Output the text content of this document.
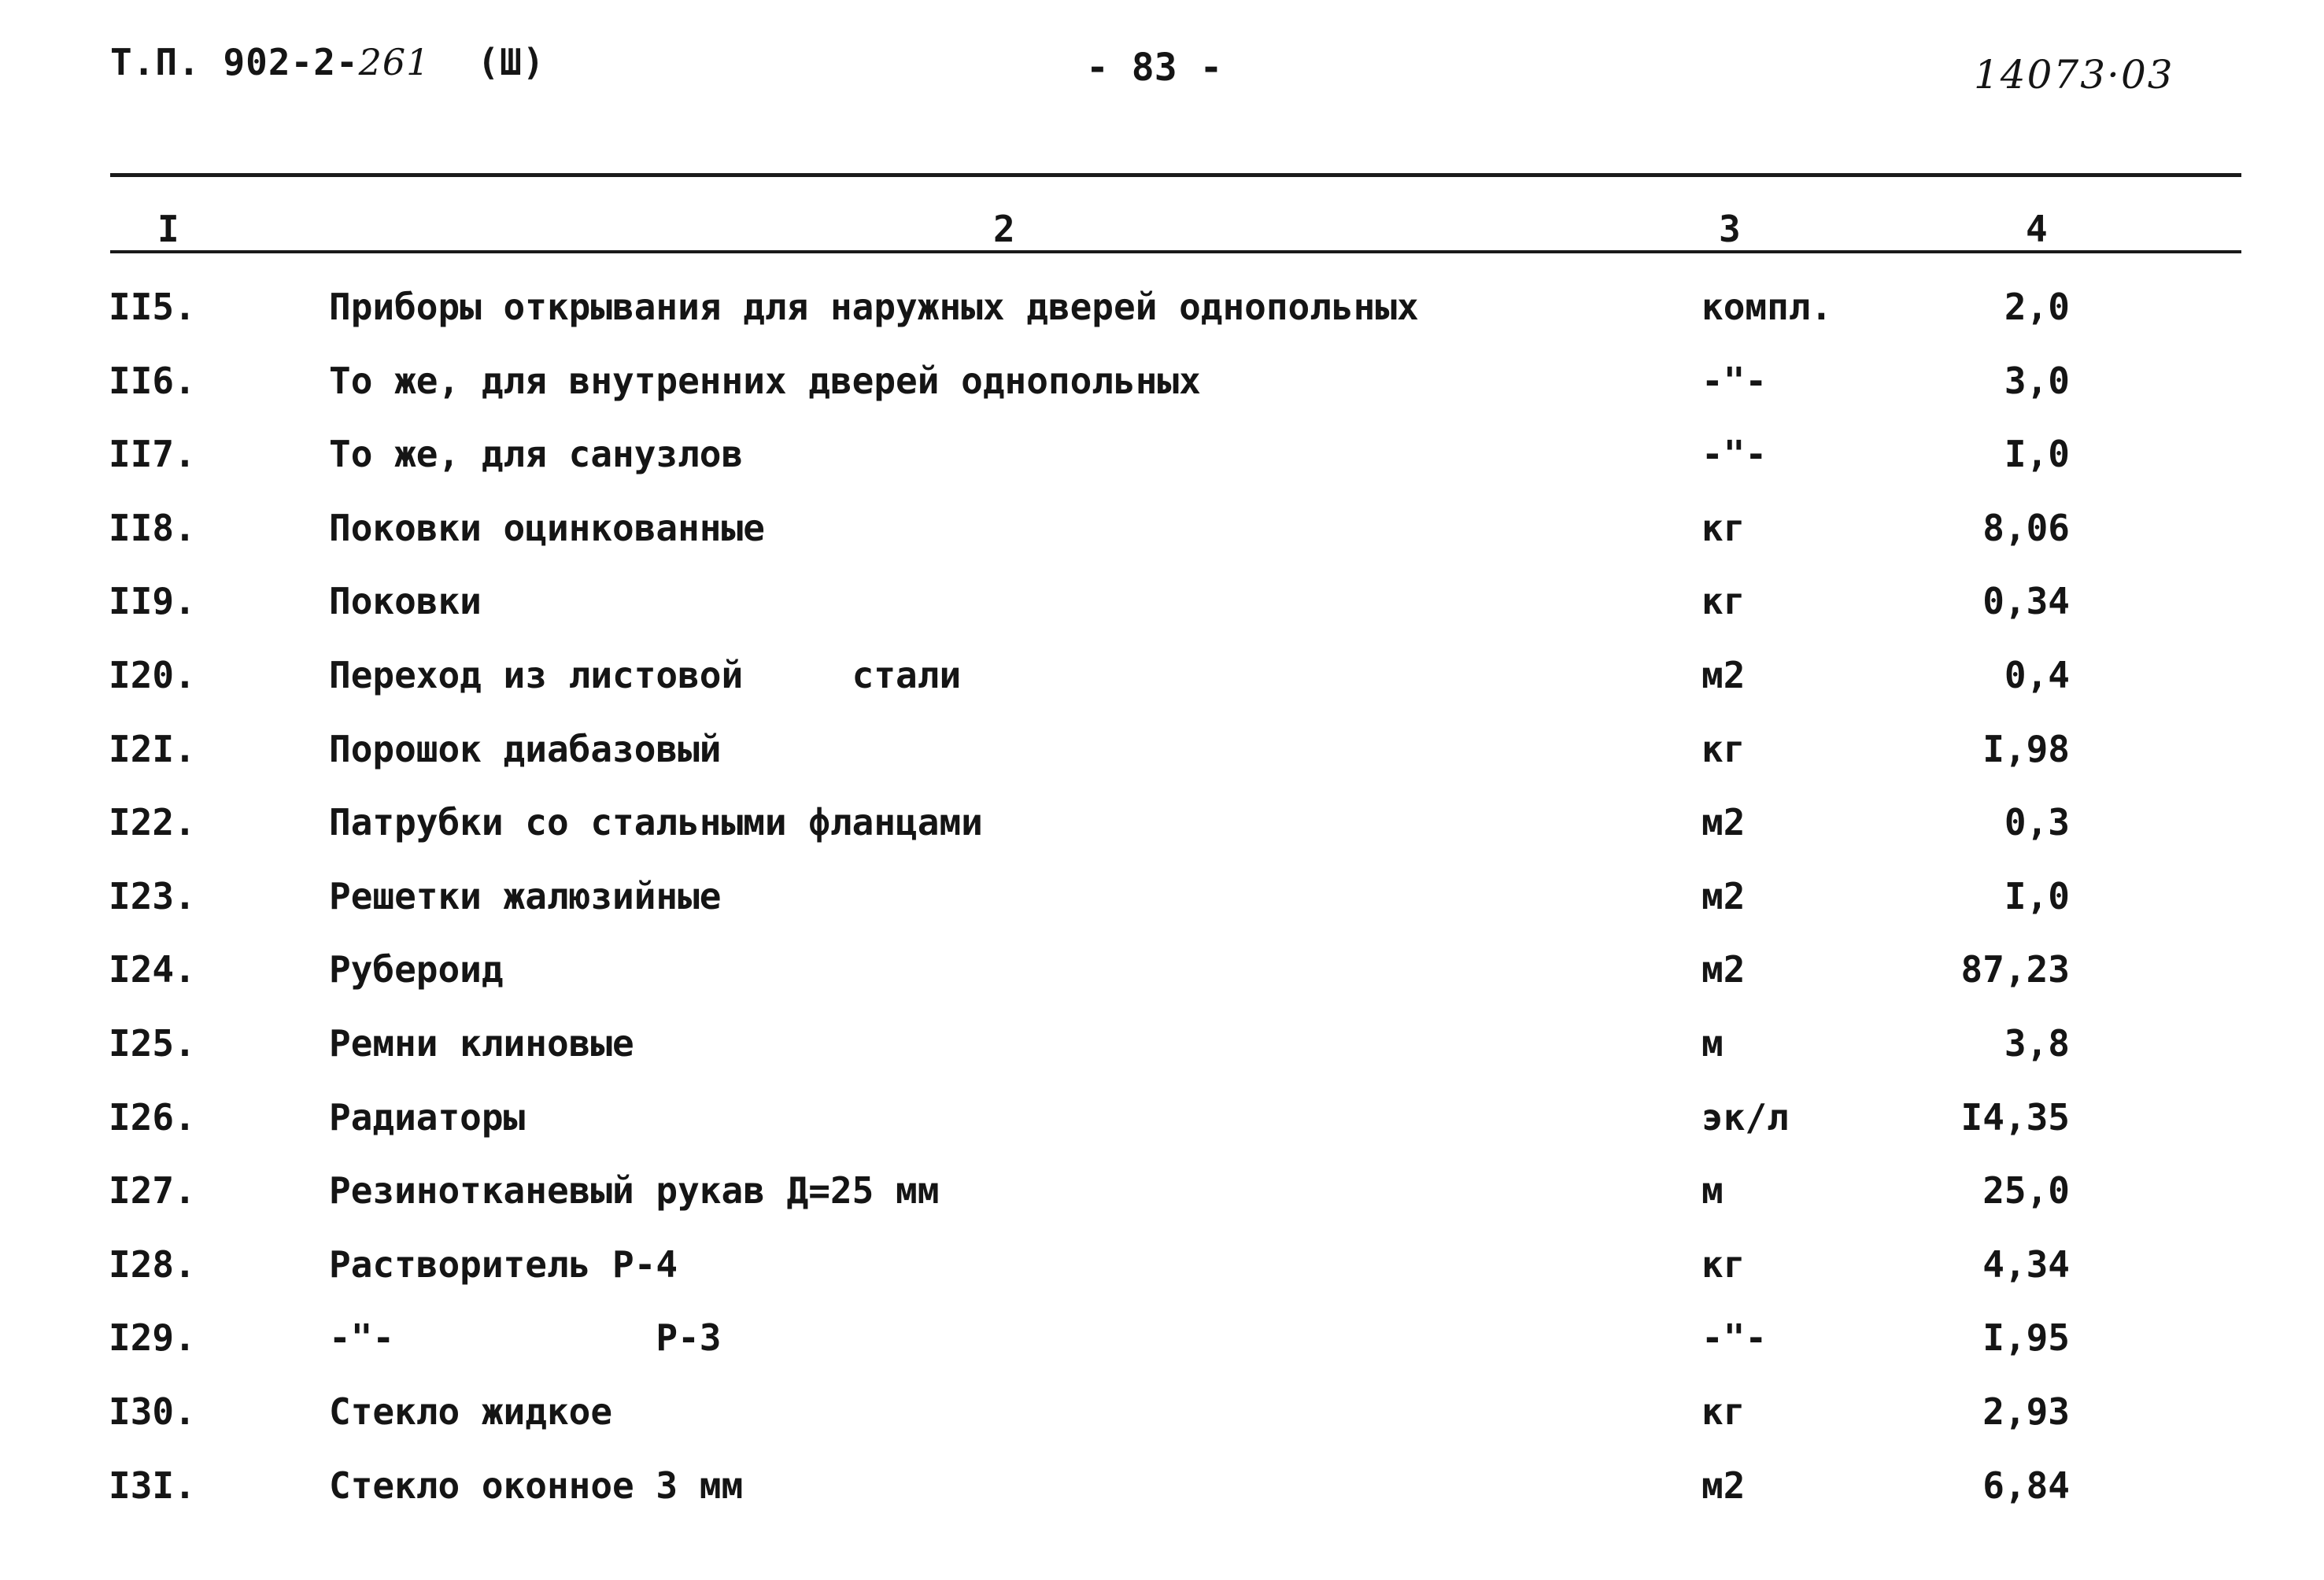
Т.П. 902-2-261 (Ш)	- 83 -	14073·03
I	2	3	4
II5.	Приборы открывания для наружных дверей однопольных	компл.	2,0
II6.	То же, для внутренних дверей однопольных	-"-	3,0
II7.	То же, для санузлов	-"-	I,0
II8.	Поковки оцинкованные	кг	8,06
II9.	Поковки	кг	0,34
I20.	Переход из листовой     стали	м2	0,4
I2I.	Порошок диабазовый	кг	I,98
I22.	Патрубки со стальными фланцами	м2	0,3
I23.	Решетки жалюзийные	м2	I,0
I24.	Рубероид	м2	87,23
I25.	Ремни клиновые	м	3,8
I26.	Радиаторы	эк/л	I4,35
I27.	Резинотканевый рукав Д=25 мм	м	25,0
I28.	Растворитель Р-4	кг	4,34
I29.	-"-            Р-3	-"-	I,95
I30.	Стекло жидкое	кг	2,93
I3I.	Стекло оконное 3 мм	м2	6,84
